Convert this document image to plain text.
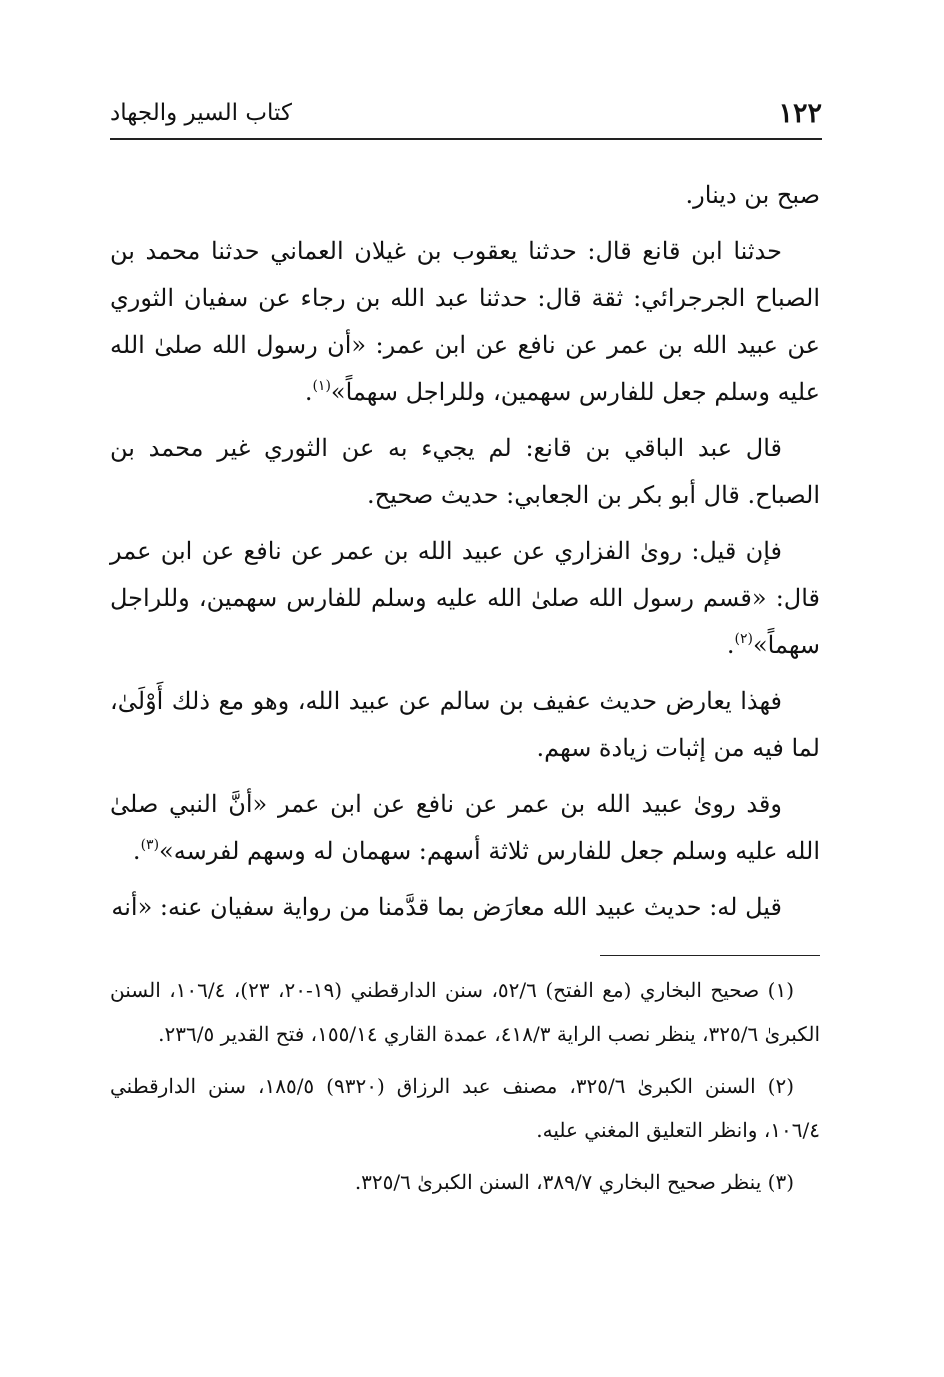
١٢٢
كتاب السير والجهاد

صبح بن دينار.

حدثنا ابن قانع قال: حدثنا يعقوب بن غيلان العماني حدثنا محمد بن الصباح الجرجرائي: ثقة قال: حدثنا عبد الله بن رجاء عن سفيان الثوري عن عبيد الله بن عمر عن نافع عن ابن عمر: «أن رسول الله صلىٰ الله عليه وسلم جعل للفارس سهمين، وللراجل سهماً»$^{(١)}$.

قال عبد الباقي بن قانع: لم يجيء به عن الثوري غير محمد بن الصباح. قال أبو بكر بن الجعابي: حديث صحيح.

فإن قيل: روىٰ الفزاري عن عبيد الله بن عمر عن نافع عن ابن عمر قال: «قسم رسول الله صلىٰ الله عليه وسلم للفارس سهمين، وللراجل سهماً»$^{(٢)}$.

فهذا يعارض حديث عفيف بن سالم عن عبيد الله، وهو مع ذلك أَوْلَىٰ، لما فيه من إثبات زيادة سهم.

وقد روىٰ عبيد الله بن عمر عن نافع عن ابن عمر «أنَّ النبي صلىٰ الله عليه وسلم جعل للفارس ثلاثة أسهم: سهمان له وسهم لفرسه»$^{(٣)}$.

قيل له: حديث عبيد الله معارَض بما قدَّمنا من رواية سفيان عنه: «أنه

(١) صحيح البخاري (مع الفتح) ٥٢/٦، سنن الدارقطني (١٩-٢٠، ٢٣)، ١٠٦/٤، السنن الكبرىٰ ٣٢٥/٦، ينظر نصب الراية ٤١٨/٣، عمدة القاري ١٥٥/١٤، فتح القدير ٢٣٦/٥.

(٢) السنن الكبرىٰ ٣٢٥/٦، مصنف عبد الرزاق (٩٣٢٠) ١٨٥/٥، سنن الدارقطني ١٠٦/٤، وانظر التعليق المغني عليه.

(٣) ينظر صحيح البخاري ٣٨٩/٧، السنن الكبرىٰ ٣٢٥/٦.
